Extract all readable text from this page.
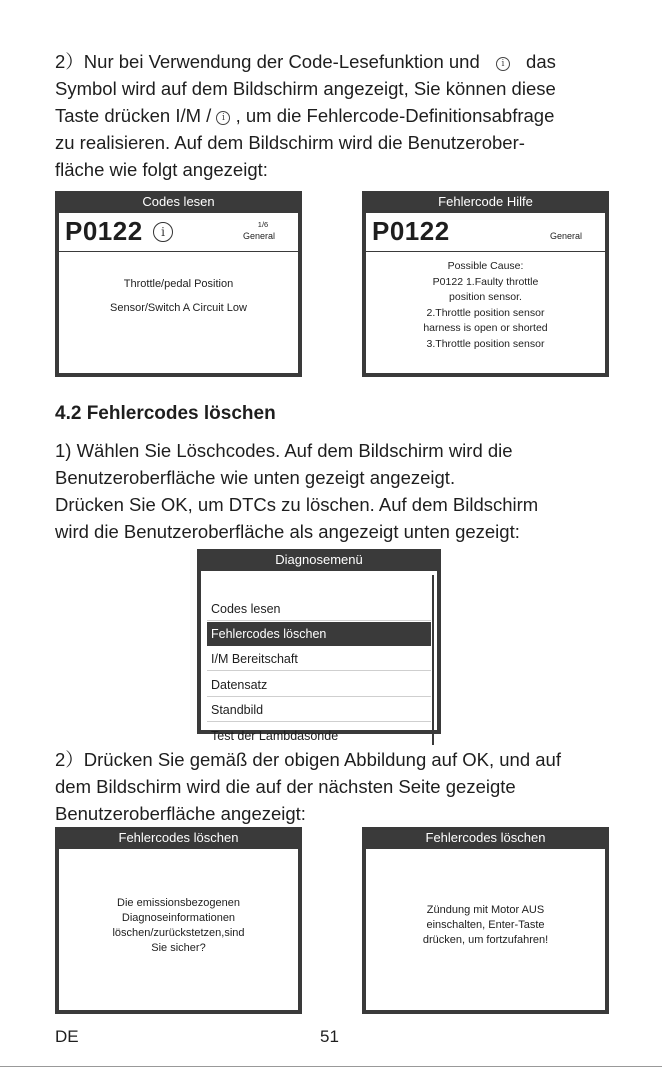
2）Nur bei Verwendung der Code-Lesefunktion und i das
Symbol wird auf dem Bildschirm angezeigt, Sie können diese
Taste drücken I/M / i , um die Fehlercode-Definitionsabfrage
zu realisieren. Auf dem Bildschirm wird die Benutzerober-
fläche wie folgt angezeigt:
Codes lesen
P0122	i
1/6
General
Throttle/pedal Position
Sensor/Switch A Circuit Low
Fehlercode Hilfe
P0122	General
Possible Cause:
P0122 1.Faulty throttle
position sensor.
2.Throttle position sensor
harness is open or shorted
3.Throttle position sensor
4.2 Fehlercodes löschen
1) Wählen Sie Löschcodes. Auf dem Bildschirm wird die
Benutzeroberfläche wie unten gezeigt angezeigt.
Drücken Sie OK, um DTCs zu löschen. Auf dem Bildschirm
wird die Benutzeroberfläche als angezeigt unten gezeigt:
Diagnosemenü
Codes lesen
Fehlercodes löschen
I/M Bereitschaft
Datensatz
Standbild
Test der Lambdasonde
2）Drücken Sie gemäß der obigen Abbildung auf OK, und auf
dem Bildschirm wird die auf der nächsten Seite gezeigte
Benutzeroberfläche angezeigt:
Fehlercodes löschen
Die emissionsbezogenen
Diagnoseinformationen
löschen/zurückstetzen,sind
Sie sicher?
Fehlercodes löschen
Zündung mit Motor AUS
einschalten, Enter-Taste
drücken, um fortzufahren!
DE	51
